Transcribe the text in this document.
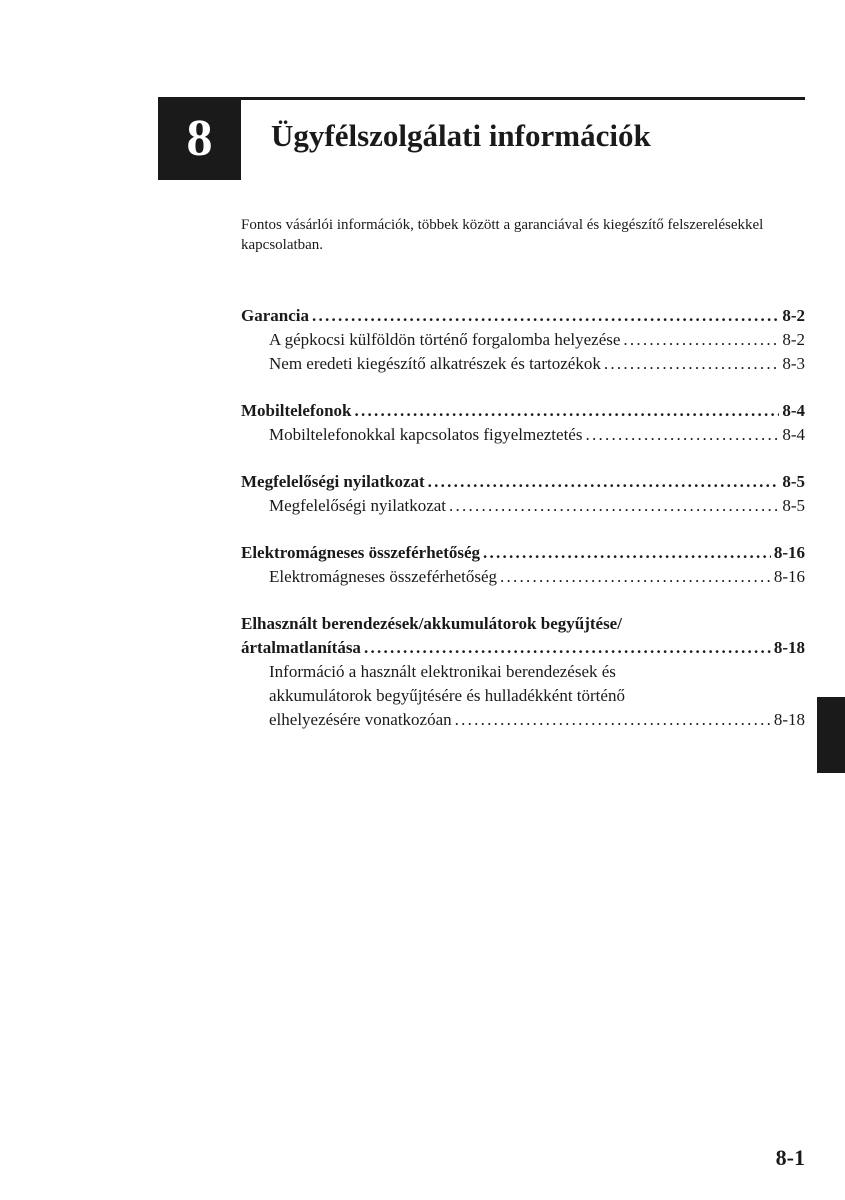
8 Ügyfélszolgálati információk

Fontos vásárlói információk, többek között a garanciával és kiegészítő felszerelésekkel kapcsolatban.

Garancia . . .	8-2
A gépkocsi külföldön történő forgalomba helyezése . . .	8-2
Nem eredeti kiegészítő alkatrészek és tartozékok . . .	8-3
Mobiltelefonok . . .	8-4
Mobiltelefonokkal kapcsolatos figyelmeztetés . . .	8-4
Megfelelőségi nyilatkozat . . .	8-5
Megfelelőségi nyilatkozat . . .	8-5
Elektromágneses összeférhetőség . . .	8-16
Elektromágneses összeférhetőség . . .	8-16
Elhasznált berendezések/akkumulátorok begyűjtése/
ártalmatlanítása . . .	8-18
Információ a használt elektronikai berendezések és
akkumulátorok begyűjtésére és hulladékként történő
elhelyezésére vonatkozóan . . .	8-18

8-1
